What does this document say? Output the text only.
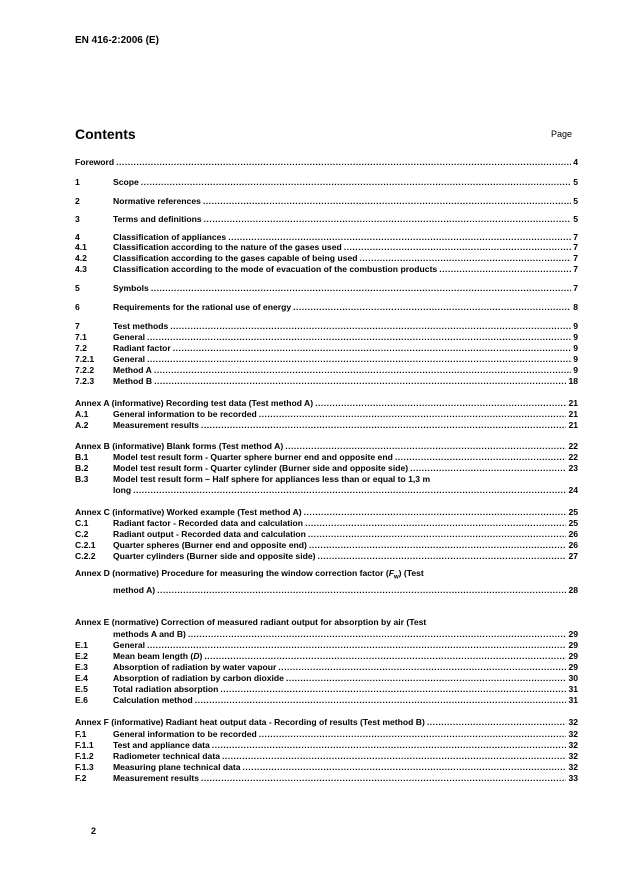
EN 416-2:2006 (E)
Contents	Page
Foreword .....	4
1	Scope .....	5
2	Normative references .....	5
3	Terms and definitions .....	5
4	Classification of appliances .....	7
4.1	Classification according to the nature of the gases used .....	7
4.2	Classification according to the gases capable of being used .....	7
4.3	Classification according to the mode of evacuation of the combustion products .....	7
5	Symbols .....	7
6	Requirements for the rational use of energy .....	8
7	Test methods .....	9
7.1	General .....	9
7.2	Radiant factor .....	9
7.2.1	General .....	9
7.2.2	Method A .....	9
7.2.3	Method B .....	18
Annex A (informative) Recording test data (Test method A) .....	21
A.1	General information to be recorded .....	21
A.2	Measurement results .....	21
Annex B (informative) Blank forms (Test method A) .....	22
B.1	Model test result form - Quarter sphere burner end and opposite end .....	22
B.2	Model test result form - Quarter cylinder (Burner side and opposite side) .....	23
B.3	Model test result form – Half sphere for appliances less than or equal to 1,3 m
long .....	24
Annex C (informative) Worked example (Test method A) .....	25
C.1	Radiant factor - Recorded data and calculation .....	25
C.2	Radiant output - Recorded data and calculation .....	26
C.2.1	Quarter spheres (Burner end and opposite end) .....	26
C.2.2	Quarter cylinders (Burner side and opposite side) .....	27
Annex D (normative) Procedure for measuring the window correction factor $(F_w)$ (Test
method A) .....	28
Annex E (normative) Correction of measured radiant output for absorption by air (Test
methods A and B) .....	29
E.1	General .....	29
E.2	Mean beam length (D) .....	29
E.3	Absorption of radiation by water vapour .....	29
E.4	Absorption of radiation by carbon dioxide .....	30
E.5	Total radiation absorption .....	31
E.6	Calculation method .....	31
Annex F (informative) Radiant heat output data - Recording of results (Test method B) .....	32
F.1	General information to be recorded .....	32
F.1.1	Test and appliance data .....	32
F.1.2	Radiometer technical data .....	32
F.1.3	Measuring plane technical data .....	32
F.2	Measurement results .....	33
2
